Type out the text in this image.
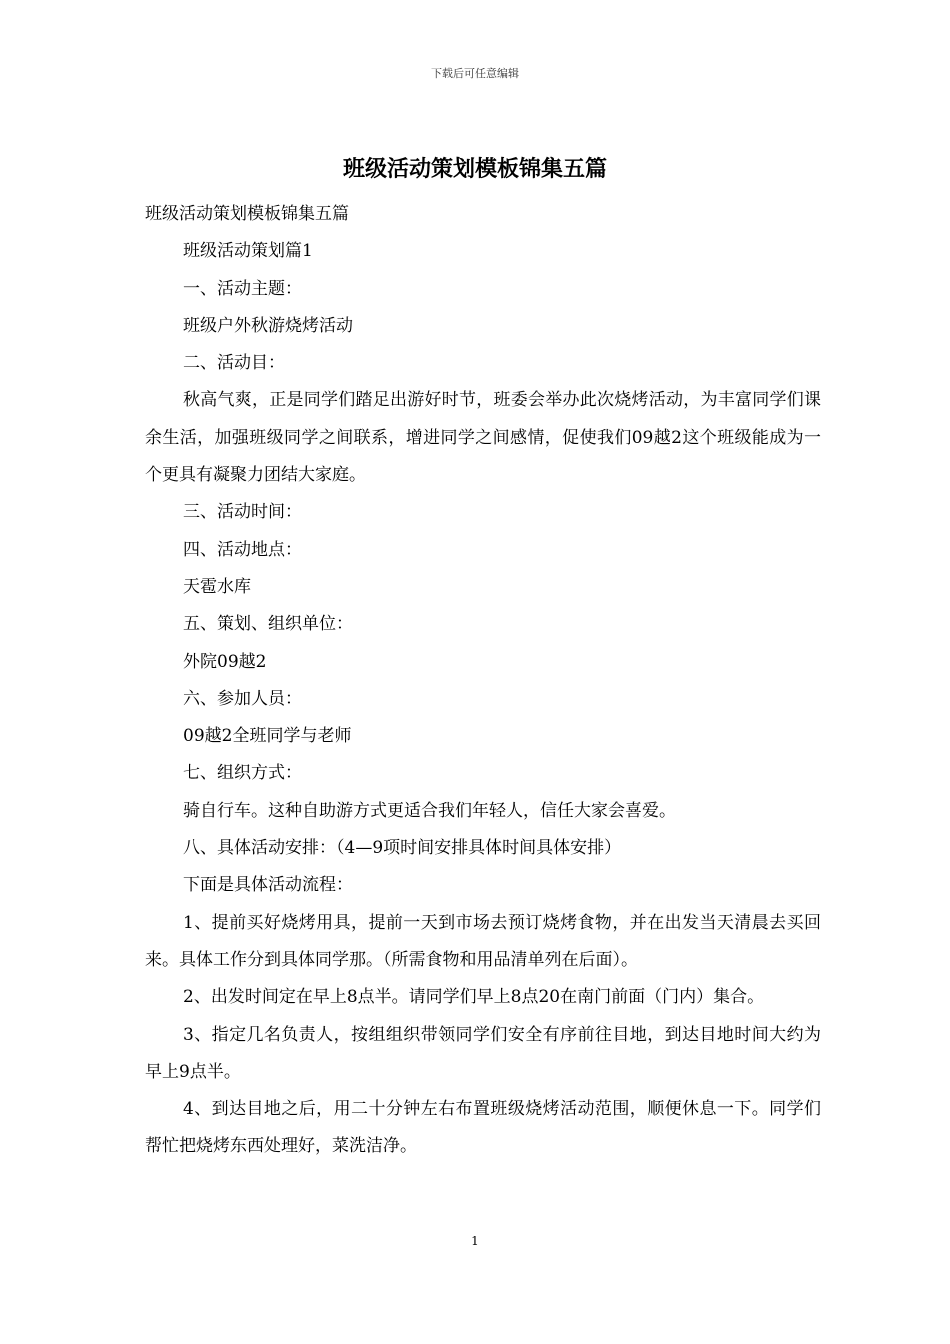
下载后可任意编辑
班级活动策划模板锦集五篇

班级活动策划模板锦集五篇

班级活动策划篇1

一、活动主题：

班级户外秋游烧烤活动

二、活动目：

秋高气爽，正是同学们踏足出游好时节，班委会举办此次烧烤活动，为丰富同学们课余生活，加强班级同学之间联系，增进同学之间感情，促使我们09越2这个班级能成为一个更具有凝聚力团结大家庭。

三、活动时间：

四、活动地点：

天雹水库

五、策划、组织单位：

外院09越2

六、参加人员：

09越2全班同学与老师

七、组织方式：

骑自行车。这种自助游方式更适合我们年轻人，信任大家会喜爱。

八、具体活动安排：（4—9项时间安排具体时间具体安排）

下面是具体活动流程：

1、提前买好烧烤用具，提前一天到市场去预订烧烤食物，并在出发当天清晨去买回来。具体工作分到具体同学那。（所需食物和用品清单列在后面）。

2、出发时间定在早上8点半。请同学们早上8点20在南门前面（门内）集合。

3、指定几名负责人，按组组织带领同学们安全有序前往目地，到达目地时间大约为早上9点半。

4、到达目地之后，用二十分钟左右布置班级烧烤活动范围，顺便休息一下。同学们帮忙把烧烤东西处理好，菜洗洁净。

1
